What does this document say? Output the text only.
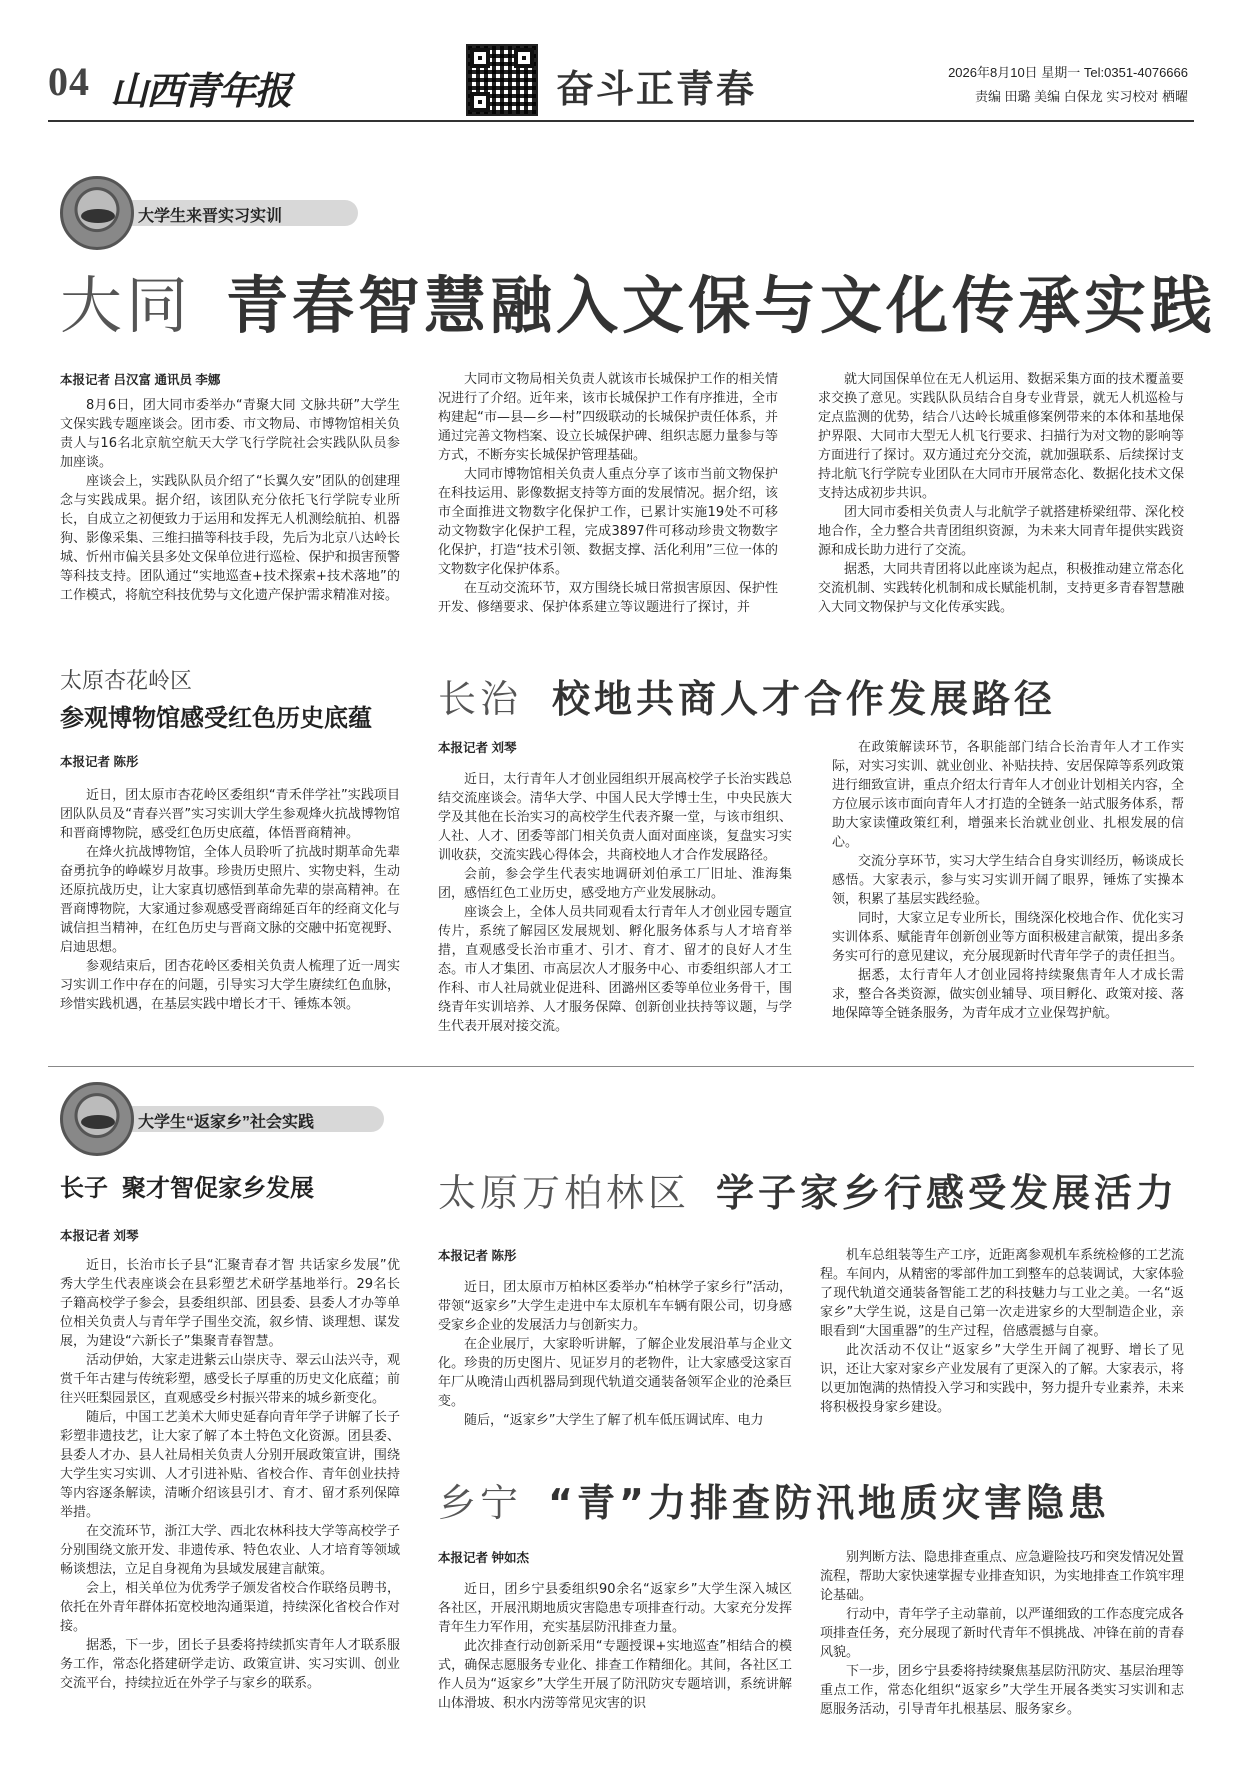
04 山西青年报	奋斗正青春	2026年8月10日 星期一 Tel:0351-4076666
责编 田璐 美编 白保龙 实习校对 栖曜
大学生来晋实习实训
大同 青春智慧融入文保与文化传承实践
本报记者 吕汉富 通讯员 李娜

8月6日，团大同市委举办“青聚大同 文脉共研”大学生文保实践专题座谈会。团市委、市文物局、市博物馆相关负责人与16名北京航空航天大学飞行学院社会实践队队员参加座谈。

座谈会上，实践队队员介绍了“长翼久安”团队的创建理念与实践成果。据介绍，该团队充分依托飞行学院专业所长，自成立之初便致力于运用和发挥无人机测绘航拍、机器狗、影像采集、三维扫描等科技手段，先后为北京八达岭长城、忻州市偏关县多处文保单位进行巡检、保护和损害预警等科技支持。团队通过“实地巡查+技术探索+技术落地”的工作模式，将航空科技优势与文化遗产保护需求精准对接。

大同市文物局相关负责人就该市长城保护工作的相关情况进行了介绍。近年来，该市长城保护工作有序推进，全市构建起“市—县—乡—村”四级联动的长城保护责任体系，并通过完善文物档案、设立长城保护碑、组织志愿力量参与等方式，不断夯实长城保护管理基础。

大同市博物馆相关负责人重点分享了该市当前文物保护在科技运用、影像数据支持等方面的发展情况。据介绍，该市全面推进文物数字化保护工作，已累计实施19处不可移动文物数字化保护工程，完成3897件可移动珍贵文物数字化保护，打造“技术引领、数据支撑、活化利用”三位一体的文物数字化保护体系。

在互动交流环节，双方围绕长城日常损害原因、保护性开发、修缮要求、保护体系建立等议题进行了探讨，并

就大同国保单位在无人机运用、数据采集方面的技术覆盖要求交换了意见。实践队队员结合自身专业背景，就无人机巡检与定点监测的优势，结合八达岭长城重修案例带来的本体和基地保护界限、大同市大型无人机飞行要求、扫描行为对文物的影响等方面进行了探讨。双方通过充分交流，就加强联系、后续探讨支持北航飞行学院专业团队在大同市开展常态化、数据化技术文保支持达成初步共识。

团大同市委相关负责人与北航学子就搭建桥梁纽带、深化校地合作，全力整合共青团组织资源，为未来大同青年提供实践资源和成长助力进行了交流。

据悉，大同共青团将以此座谈为起点，积极推动建立常态化交流机制、实践转化机制和成长赋能机制，支持更多青春智慧融入大同文物保护与文化传承实践。

太原杏花岭区
参观博物馆感受红色历史底蕴
本报记者 陈彤

近日，团太原市杏花岭区委组织“青禾伴学社”实践项目团队队员及“青春兴晋”实习实训大学生参观烽火抗战博物馆和晋商博物院，感受红色历史底蕴，体悟晋商精神。

在烽火抗战博物馆，全体人员聆听了抗战时期革命先辈奋勇抗争的峥嵘岁月故事。珍贵历史照片、实物史料，生动还原抗战历史，让大家真切感悟到革命先辈的崇高精神。在晋商博物院，大家通过参观感受晋商绵延百年的经商文化与诚信担当精神，在红色历史与晋商文脉的交融中拓宽视野、启迪思想。

参观结束后，团杏花岭区委相关负责人梳理了近一周实习实训工作中存在的问题，引导实习大学生赓续红色血脉，珍惜实践机遇，在基层实践中增长才干、锤炼本领。

长治 校地共商人才合作发展路径
本报记者 刘琴

近日，太行青年人才创业园组织开展高校学子长治实践总结交流座谈会。清华大学、中国人民大学博士生，中央民族大学及其他在长治实习的高校学生代表齐聚一堂，与该市组织、人社、人才、团委等部门相关负责人面对面座谈，复盘实习实训收获，交流实践心得体会，共商校地人才合作发展路径。

会前，参会学生代表实地调研刘伯承工厂旧址、淮海集团，感悟红色工业历史，感受地方产业发展脉动。

座谈会上，全体人员共同观看太行青年人才创业园专题宣传片，系统了解园区发展规划、孵化服务体系与人才培育举措，直观感受长治市重才、引才、育才、留才的良好人才生态。市人才集团、市高层次人才服务中心、市委组织部人才工作科、市人社局就业促进科、团潞州区委等单位业务骨干，围绕青年实训培养、人才服务保障、创新创业扶持等议题，与学生代表开展对接交流。

在政策解读环节，各职能部门结合长治青年人才工作实际，对实习实训、就业创业、补贴扶持、安居保障等系列政策进行细致宣讲，重点介绍太行青年人才创业计划相关内容，全方位展示该市面向青年人才打造的全链条一站式服务体系，帮助大家读懂政策红利，增强来长治就业创业、扎根发展的信心。

交流分享环节，实习大学生结合自身实训经历，畅谈成长感悟。大家表示，参与实习实训开阔了眼界，锤炼了实操本领，积累了基层实践经验。

同时，大家立足专业所长，围绕深化校地合作、优化实习实训体系、赋能青年创新创业等方面积极建言献策，提出多条务实可行的意见建议，充分展现新时代青年学子的责任担当。

据悉，太行青年人才创业园将持续聚焦青年人才成长需求，整合各类资源，做实创业辅导、项目孵化、政策对接、落地保障等全链条服务，为青年成才立业保驾护航。

大学生“返家乡”社会实践
长子 聚才智促家乡发展
本报记者 刘琴

近日，长治市长子县“汇聚青春才智 共话家乡发展”优秀大学生代表座谈会在县彩塑艺术研学基地举行。29名长子籍高校学子参会，县委组织部、团县委、县委人才办等单位相关负责人与青年学子围坐交流，叙乡情、谈理想、谋发展，为建设“六新长子”集聚青春智慧。

活动伊始，大家走进紫云山崇庆寺、翠云山法兴寺，观赏千年古建与传统彩塑，感受长子厚重的历史文化底蕴；前往兴旺梨园景区，直观感受乡村振兴带来的城乡新变化。

随后，中国工艺美术大师史延春向青年学子讲解了长子彩塑非遗技艺，让大家了解了本土特色文化资源。团县委、县委人才办、县人社局相关负责人分别开展政策宣讲，围绕大学生实习实训、人才引进补贴、省校合作、青年创业扶持等内容逐条解读，清晰介绍该县引才、育才、留才系列保障举措。

在交流环节，浙江大学、西北农林科技大学等高校学子分别围绕文旅开发、非遗传承、特色农业、人才培育等领域畅谈想法，立足自身视角为县域发展建言献策。

会上，相关单位为优秀学子颁发省校合作联络员聘书，依托在外青年群体拓宽校地沟通渠道，持续深化省校合作对接。

据悉，下一步，团长子县委将持续抓实青年人才联系服务工作，常态化搭建研学走访、政策宣讲、实习实训、创业交流平台，持续拉近在外学子与家乡的联系。

太原万柏林区 学子家乡行感受发展活力
本报记者 陈彤

近日，团太原市万柏林区委举办“柏林学子家乡行”活动，带领“返家乡”大学生走进中车太原机车车辆有限公司，切身感受家乡企业的发展活力与创新实力。

在企业展厅，大家聆听讲解，了解企业发展沿革与企业文化。珍贵的历史图片、见证岁月的老物件，让大家感受这家百年厂从晚清山西机器局到现代轨道交通装备领军企业的沧桑巨变。

随后，“返家乡”大学生了解了机车低压调试库、电力

机车总组装等生产工序，近距离参观机车系统检修的工艺流程。车间内，从精密的零部件加工到整车的总装调试，大家体验了现代轨道交通装备智能工艺的科技魅力与工业之美。一名“返家乡”大学生说，这是自己第一次走进家乡的大型制造企业，亲眼看到“大国重器”的生产过程，倍感震撼与自豪。

此次活动不仅让“返家乡”大学生开阔了视野、增长了见识，还让大家对家乡产业发展有了更深入的了解。大家表示，将以更加饱满的热情投入学习和实践中，努力提升专业素养，未来将积极投身家乡建设。

乡宁 “青”力排查防汛地质灾害隐患
本报记者 钟如杰

近日，团乡宁县委组织90余名“返家乡”大学生深入城区各社区，开展汛期地质灾害隐患专项排查行动。大家充分发挥青年生力军作用，充实基层防汛排查力量。

此次排查行动创新采用“专题授课+实地巡查”相结合的模式，确保志愿服务专业化、排查工作精细化。其间，各社区工作人员为“返家乡”大学生开展了防汛防灾专题培训，系统讲解山体滑坡、积水内涝等常见灾害的识

别判断方法、隐患排查重点、应急避险技巧和突发情况处置流程，帮助大家快速掌握专业排查知识，为实地排查工作筑牢理论基础。

行动中，青年学子主动靠前，以严谨细致的工作态度完成各项排查任务，充分展现了新时代青年不惧挑战、冲锋在前的青春风貌。

下一步，团乡宁县委将持续聚焦基层防汛防灾、基层治理等重点工作，常态化组织“返家乡”大学生开展各类实习实训和志愿服务活动，引导青年扎根基层、服务家乡。
